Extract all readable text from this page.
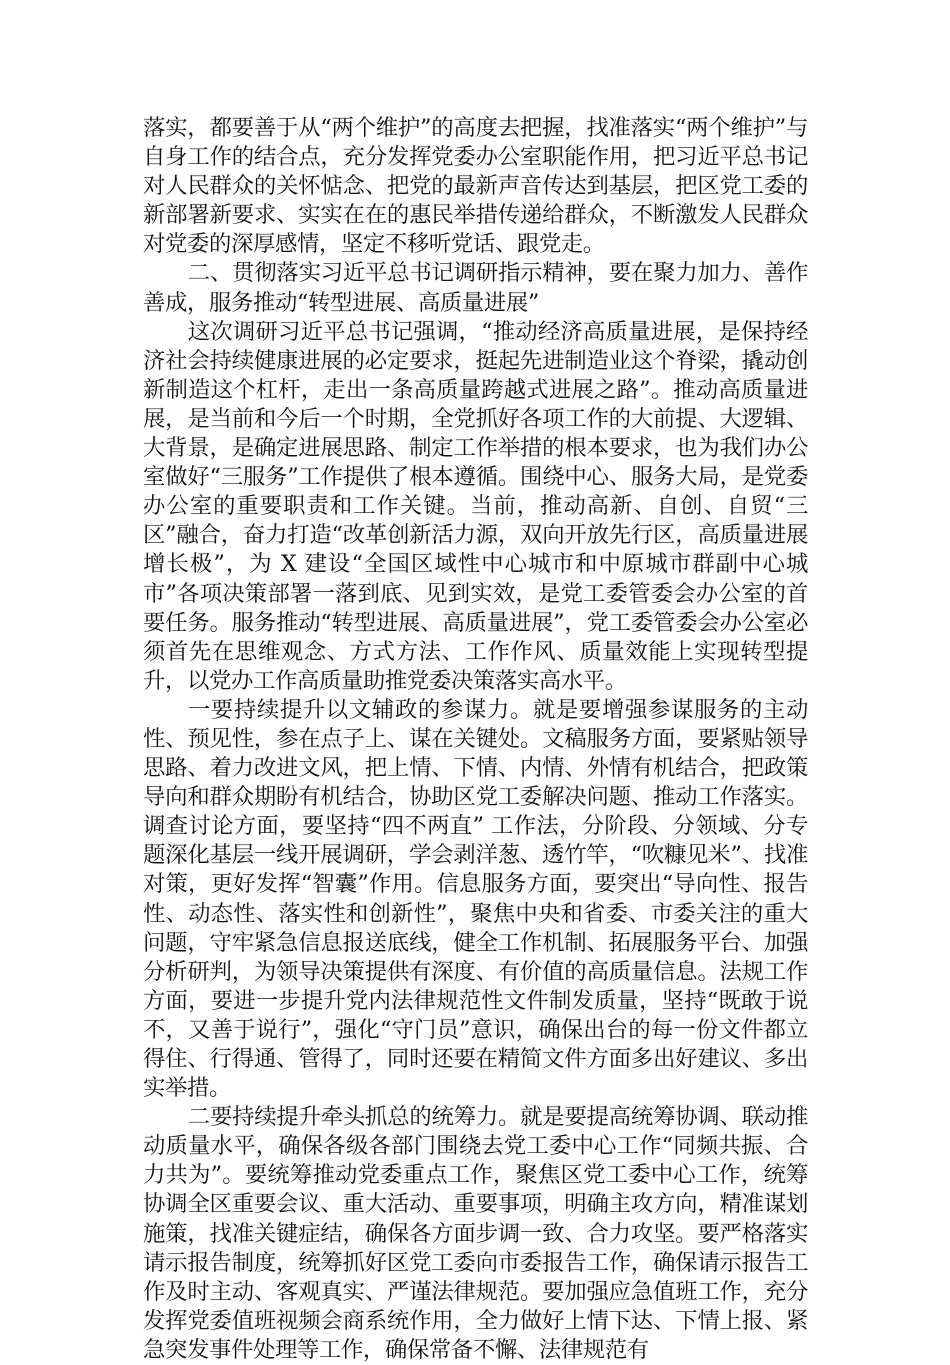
落实，都要善于从“两个维护”的高度去把握，找准落实“两个维护”与自身工作的结合点，充分发挥党委办公室职能作用，把习近平总书记对人民群众的关怀惦念、把党的最新声音传达到基层，把区党工委的新部署新要求、实实在在的惠民举措传递给群众，不断激发人民群众对党委的深厚感情，坚定不移听党话、跟党走。

二、贯彻落实习近平总书记调研指示精神，要在聚力加力、善作善成，服务推动“转型进展、高质量进展”

这次调研习近平总书记强调，“推动经济高质量进展，是保持经济社会持续健康进展的必定要求，挺起先进制造业这个脊梁，撬动创新制造这个杠杆，走出一条高质量跨越式进展之路”。推动高质量进展，是当前和今后一个时期，全党抓好各项工作的大前提、大逻辑、大背景，是确定进展思路、制定工作举措的根本要求，也为我们办公室做好“三服务”工作提供了根本遵循。围绕中心、服务大局，是党委办公室的重要职责和工作关键。当前，推动高新、自创、自贸“三区”融合，奋力打造“改革创新活力源，双向开放先行区，高质量进展增长极”，为 X 建设“全国区域性中心城市和中原城市群副中心城市”各项决策部署一落到底、见到实效，是党工委管委会办公室的首要任务。服务推动“转型进展、高质量进展”，党工委管委会办公室必须首先在思维观念、方式方法、工作作风、质量效能上实现转型提升，以党办工作高质量助推党委决策落实高水平。

一要持续提升以文辅政的参谋力。就是要增强参谋服务的主动性、预见性，参在点子上、谋在关键处。文稿服务方面，要紧贴领导思路、着力改进文风，把上情、下情、内情、外情有机结合，把政策导向和群众期盼有机结合，协助区党工委解决问题、推动工作落实。调查讨论方面，要坚持“四不两直” 工作法，分阶段、分领域、分专题深化基层一线开展调研，学会剥洋葱、透竹竿，“吹糠见米”、找准对策，更好发挥“智囊”作用。信息服务方面，要突出“导向性、报告性、动态性、落实性和创新性”，聚焦中央和省委、市委关注的重大问题，守牢紧急信息报送底线，健全工作机制、拓展服务平台、加强分析研判，为领导决策提供有深度、有价值的高质量信息。法规工作方面，要进一步提升党内法律规范性文件制发质量，坚持“既敢于说不，又善于说行”，强化“守门员”意识，确保出台的每一份文件都立得住、行得通、管得了，同时还要在精简文件方面多出好建议、多出实举措。

二要持续提升牵头抓总的统筹力。就是要提高统筹协调、联动推动质量水平，确保各级各部门围绕去党工委中心工作“同频共振、合力共为”。要统筹推动党委重点工作，聚焦区党工委中心工作，统筹协调全区重要会议、重大活动、重要事项，明确主攻方向，精准谋划施策，找准关键症结，确保各方面步调一致、合力攻坚。要严格落实请示报告制度，统筹抓好区党工委向市委报告工作，确保请示报告工作及时主动、客观真实、严谨法律规范。要加强应急值班工作，充分发挥党委值班视频会商系统作用，全力做好上情下达、下情上报、紧急突发事件处理等工作，确保常备不懈、法律规范有
